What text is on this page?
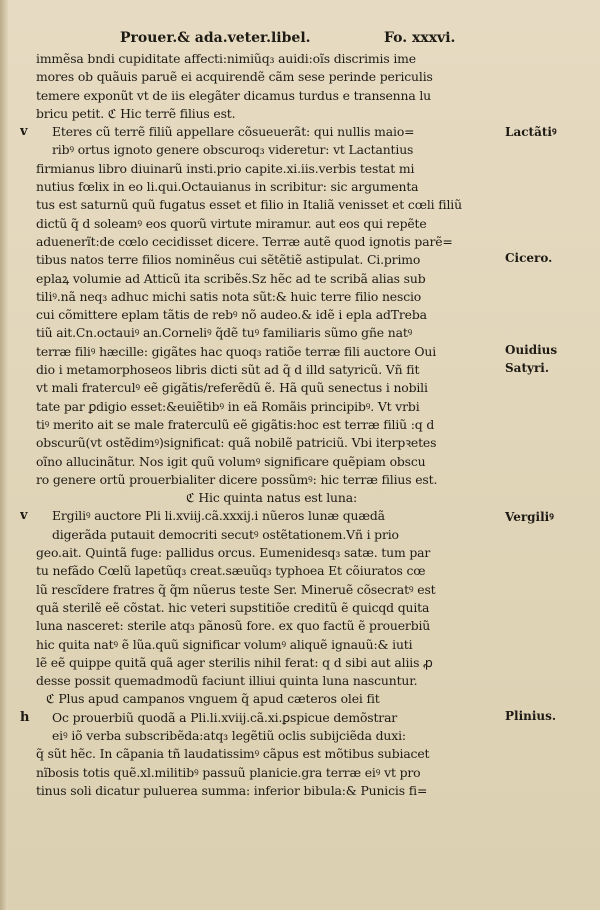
Prouer.& ada.veter.libel.	Fo. xxxvi.
immẽsa bndi cupiditate affecti:nimiũq₃ auidi:oĩs discrimis ime
mores ob quãuis paruẽ ei acquirendẽ cãm sese perinde periculis
temere exponũt vt de iis elegãter dicamus turdus e transenna lu
bricu petit. ℭ Hic terrẽ filius est.
v	Eteres cũ terrẽ filiũ appellare cõsueuerãt: qui nullis maio=
ribꝰ ortus ignoto genere obscuroq₃ videretur: vt Lactantius
firmianus libro diuinarũ insti.prio capite.xi.iis.verbis testat mi
nutius fœlix in eo li.qui.Octauianus in scribitur: sic argumenta
tus est saturnũ quũ fugatus esset et filio in Italiã venisset et cœli filiũ
dictũ q̃ d soleamꝰ eos quorũ virtute miramur. aut eos qui repẽte
aduenerĩt:de cœlo cecidisset dicere. Terræ autẽ quod ignotis parẽ=
tibus natos terre filios nominẽus cui sẽtẽtiẽ astipulat. Ci.primo
eplaꝝ volumie ad Atticũ ita scribẽs.Sz hẽc ad te scribã alias sub
tiliꝰ.nã neq₃ adhuc michi satis nota sũt:& huic terre filio nescio
cui cõmittere eplam tãtis de rebꝰ nõ audeo.& idẽ i epla adTreba
tiũ ait.Cn.octauiꝰ an.Corneliꝰ q̃dẽ tuꝰ familiaris sũmo gñe natꝰ
terræ filiꝰ hæcille: gigãtes hac quoq₃ ratiõe terræ fili auctore Oui
dio i metamorphoseos libris dicti sũt ad q̃ d illd satyricũ. Vñ fit
vt mali fraterculꝰ eẽ gigãtis/referẽdũ ẽ. Hã quũ senectus i nobili
tate par ꝑdigio esset:&euiẽtibꝰ in eã Romãis principibꝰ. Vt vrbi
tiꝰ merito ait se male fraterculũ eẽ gigãtis:hoc est terræ filiũ :q d
obscurũ(vt ostẽdimꝰ)significat: quã nobilẽ patriciũ. Vbi iterpꝛetes
oĩno allucinãtur. Nos igit quũ volumꝰ significare quẽpiam obscu
ro genere ortũ prouerbialiter dicere possũmꝰ: hic terræ filius est.
ℭ Hic quinta natus est luna:
v	Ergiliꝰ auctore Pli li.xviij.cã.xxxij.i nũeros lunæ quædã
digerãda putauit democriti secutꝰ ostẽtationem.Vñ i prio
geo.ait. Quintã fuge: pallidus orcus. Eumenidesq₃ satæ. tum par
tu nefãdo Cœlũ lapetũq₃ creat.sæuũq₃ typhoea Et cõiuratos cœ
lũ rescĩdere fratres q̃ q̃m nũerus teste Ser. Mineruẽ cõsecratꝰ est
quã sterilẽ eẽ cõstat. hic veteri supstitiõe creditũ ẽ quicqd quita
luna nasceret: sterile atq₃ pãnosũ fore. ex quo factũ ẽ prouerbiũ
hic quita natꝰ ẽ lũa.quũ significar volumꝰ aliquẽ ignauũ:& iuti
lẽ eẽ quippe quitã quã ager sterilis nihil ferat: q d sibi aut aliis ꝓ
desse possit quemadmodũ faciunt illiui quinta luna nascuntur.
ℭ Plus apud campanos vnguem q̃ apud cæteros olei fit
h	Oc prouerbiũ quodã a Pli.li.xviij.cã.xi.ꝑspicue demõstrar
eiꝰ iõ verba subscribẽda:atq₃ legẽtiũ oclis subijciẽda duxi:
q̃ sũt hẽc. In cãpania tñ laudatissimꝰ cãpus est mõtibus subiacet
nĩbosis totis quẽ.xl.militibꝰ passuũ planicie.gra terræ eiꝰ vt pro
tinus soli dicatur puluerea summa: inferior bibula:& Punicis fi=
Lactãtiꝰ
Cicero.
Ouidius
Satyri.
Vergiliꝰ
Plinius.
